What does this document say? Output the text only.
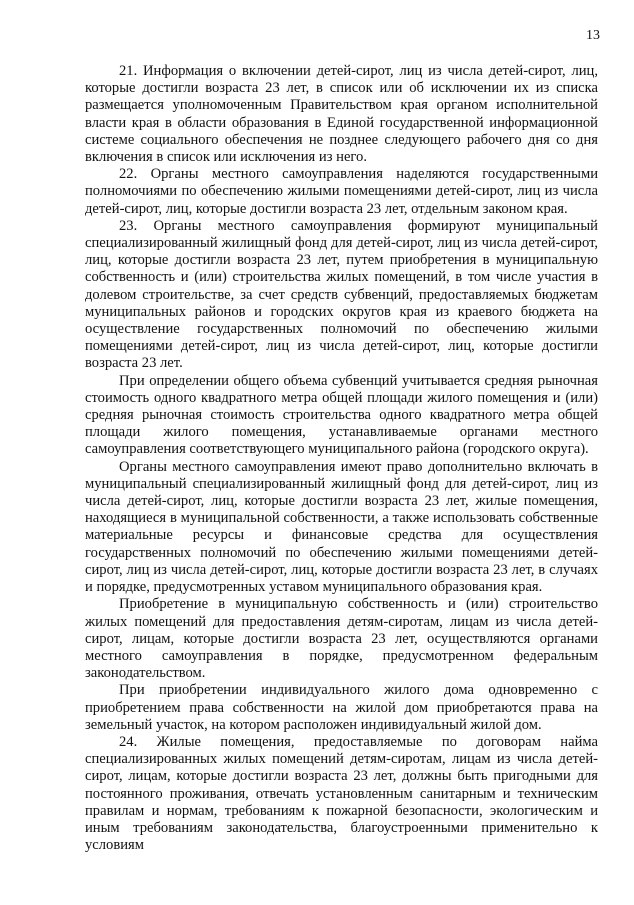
13

21. Информация о включении детей-сирот, лиц из числа детей-сирот, лиц, которые достигли возраста 23 лет, в список или об исключении их из списка размещается уполномоченным Правительством края органом исполнительной власти края в области образования в Единой государственной информационной системе социального обеспечения не позднее следующего рабочего дня со дня включения в список или исключения из него.

22. Органы местного самоуправления наделяются государственными полномочиями по обеспечению жилыми помещениями детей-сирот, лиц из числа детей-сирот, лиц, которые достигли возраста 23 лет, отдельным законом края.

23. Органы местного самоуправления формируют муниципальный специализированный жилищный фонд для детей-сирот, лиц из числа детей-сирот, лиц, которые достигли возраста 23 лет, путем приобретения в муниципальную собственность и (или) строительства жилых помещений, в том числе участия в долевом строительстве, за счет средств субвенций, предоставляемых бюджетам муниципальных районов и городских округов края из краевого бюджета на осуществление государственных полномочий по обеспечению жилыми помещениями детей-сирот, лиц из числа детей-сирот, лиц, которые достигли возраста 23 лет.

При определении общего объема субвенций учитывается средняя рыночная стоимость одного квадратного метра общей площади жилого помещения и (или) средняя рыночная стоимость строительства одного квадратного метра общей площади жилого помещения, устанавливаемые органами местного самоуправления соответствующего муниципального района (городского округа).

Органы местного самоуправления имеют право дополнительно включать в муниципальный специализированный жилищный фонд для детей-сирот, лиц из числа детей-сирот, лиц, которые достигли возраста 23 лет, жилые помещения, находящиеся в муниципальной собственности, а также использовать собственные материальные ресурсы и финансовые средства для осуществления государственных полномочий по обеспечению жилыми помещениями детей-сирот, лиц из числа детей-сирот, лиц, которые достигли возраста 23 лет, в случаях и порядке, предусмотренных уставом муниципального образования края.

Приобретение в муниципальную собственность и (или) строительство жилых помещений для предоставления детям-сиротам, лицам из числа детей-сирот, лицам, которые достигли возраста 23 лет, осуществляются органами местного самоуправления в порядке, предусмотренном федеральным законодательством.

При приобретении индивидуального жилого дома одновременно с приобретением права собственности на жилой дом приобретаются права на земельный участок, на котором расположен индивидуальный жилой дом.

24. Жилые помещения, предоставляемые по договорам найма специализированных жилых помещений детям-сиротам, лицам из числа детей-сирот, лицам, которые достигли возраста 23 лет, должны быть пригодными для постоянного проживания, отвечать установленным санитарным и техническим правилам и нормам, требованиям к пожарной безопасности, экологическим и иным требованиям законодательства, благоустроенными применительно к условиям
